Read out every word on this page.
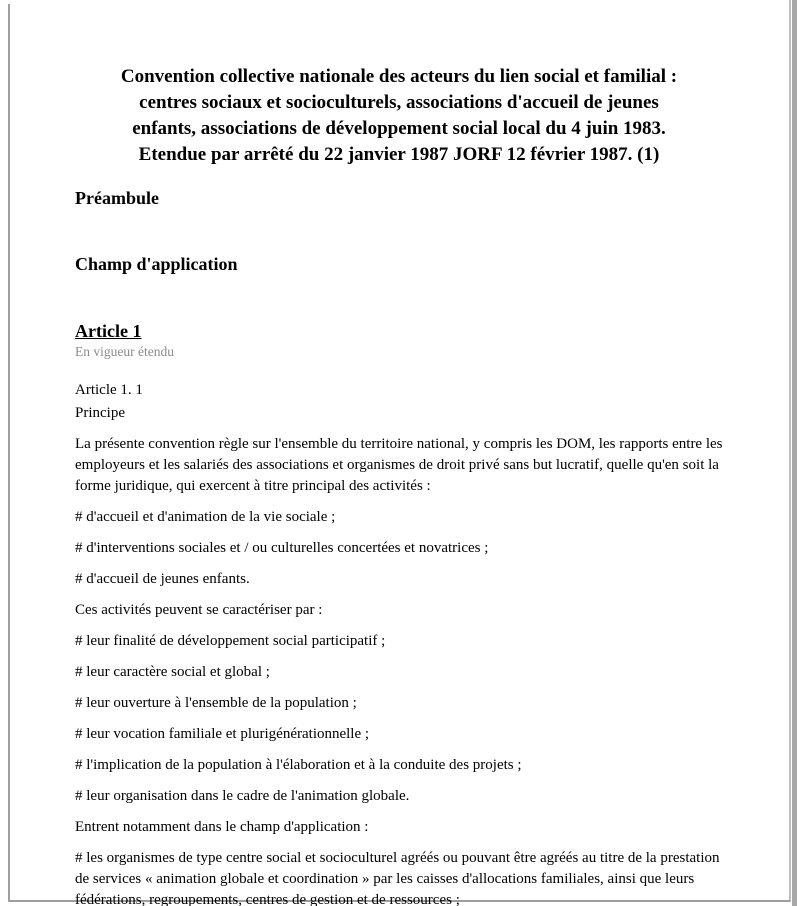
Convention collective nationale des acteurs du lien social et familial :
centres sociaux et socioculturels, associations d'accueil de jeunes
enfants, associations de développement social local du 4 juin 1983.
Etendue par arrêté du 22 janvier 1987 JORF 12 février 1987. (1)
Préambule
Champ d'application
Article 1
En vigueur étendu

Article 1. 1

Principe

La présente convention règle sur l'ensemble du territoire national, y compris les DOM, les rapports entre les employeurs et les salariés des associations et organismes de droit privé sans but lucratif, quelle qu'en soit la forme juridique, qui exercent à titre principal des activités :

# d'accueil et d'animation de la vie sociale ;

# d'interventions sociales et / ou culturelles concertées et novatrices ;

# d'accueil de jeunes enfants.

Ces activités peuvent se caractériser par :

# leur finalité de développement social participatif ;

# leur caractère social et global ;

# leur ouverture à l'ensemble de la population ;

# leur vocation familiale et plurigénérationnelle ;

# l'implication de la population à l'élaboration et à la conduite des projets ;

# leur organisation dans le cadre de l'animation globale.

Entrent notamment dans le champ d'application :

# les organismes de type centre social et socioculturel agréés ou pouvant être agréés au titre de la prestation de services « animation globale et coordination » par les caisses d'allocations familiales, ainsi que leurs fédérations, regroupements, centres de gestion et de ressources ;
